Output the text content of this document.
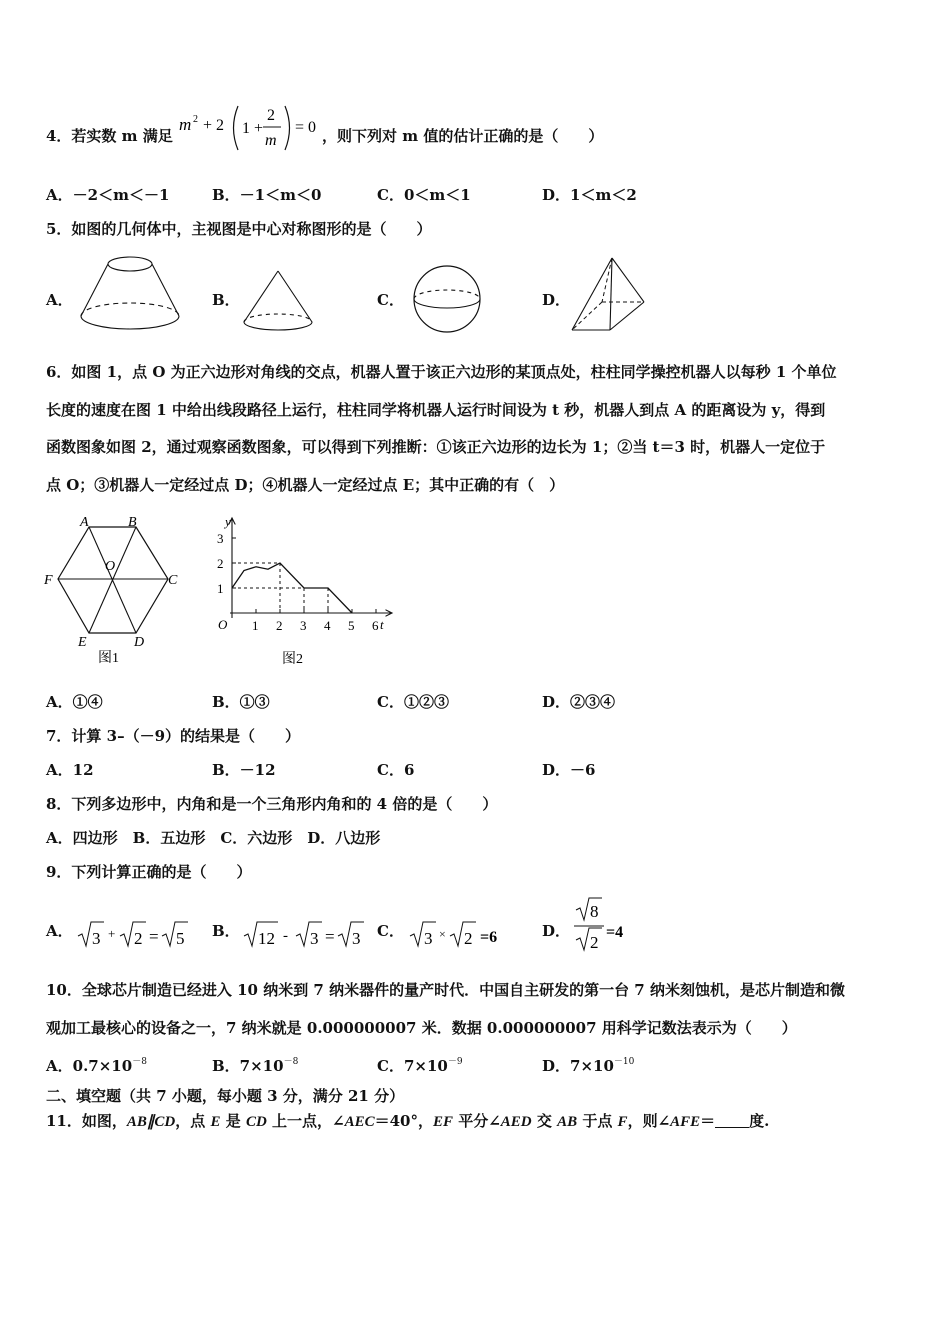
4．若实数 m 满足
m 2 + 2 1 +
2
m
= 0 ，则下列对 m 值的估计正确的是（　　）
A．－2＜m＜－1	B．－1＜m＜0	C．0＜m＜1	D．1＜m＜2
5．如图的几何体中，主视图是中心对称图形的是（　　）
A．	B．	C．	D．
6．如图 1，点 O 为正六边形对角线的交点，机器人置于该正六边形的某顶点处，柱柱同学操控机器人以每秒 1 个单位
长度的速度在图 1 中给出线段路径上运行，柱柱同学将机器人运行时间设为 t 秒，机器人到点 A 的距离设为 y，得到
函数图象如图 2，通过观察函数图象，可以得到下列推断：①该正六边形的边长为 1；②当 t＝3 时，机器人一定位于
点 O；③机器人一定经过点 D；④机器人一定经过点 E；其中正确的有（　）
A	B
C
D
E
F
O
图1
1 2 3 4 5 6
1
2
3
y
t
O
图2
A．①④	B．①③	C．①②③	D．②③④
7．计算 3–（－9）的结果是（　　）
A．12	B．－12	C．6	D．－6
8．下列多边形中，内角和是一个三角形内角和的 4 倍的是（　　）
A．四边形　B．五边形　C．六边形　D．八边形
9．下列计算正确的是（　　）
A． 3 + 2 = 5 B． 12 - 3 = 3 C． 3 × 2 =6	D．
8
2
=4
10．全球芯片制造已经进入 10 纳米到 7 纳米器件的量产时代．中国自主研发的第一台 7 纳米刻蚀机，是芯片制造和微
观加工最核心的设备之一，7 纳米就是 0.000000007 米．数据 0.000000007 用科学记数法表示为（　　）
A．$0.7\times 10^{-8}$	B．$7\times 10^{-8}$	C．$7\times 10^{-9}$	D．$7\times 10^{-10}$
二、填空题（共 7 小题，每小题 3 分，满分 21 分）
11．如图，AB∥CD，点 E 是 CD 上一点，∠AEC＝40°，EF 平分∠AED 交 AB 于点 F，则∠AFE＝ 度.
